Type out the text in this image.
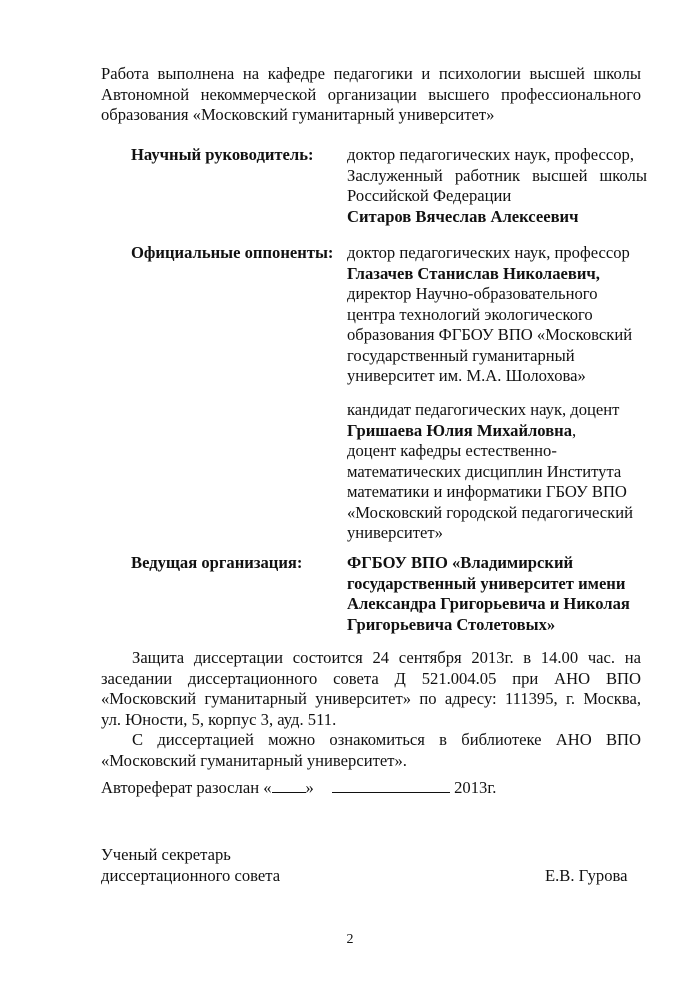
Работа выполнена на кафедре педагогики и психологии высшей школы
Автономной некоммерческой организации высшего профессионального
образования «Московский гуманитарный университет»
Научный руководитель: доктор педагогических наук, профессор,
Заслуженный работник высшей школы
Российской Федерации
Ситаров Вячеслав Алексеевич
Официальные оппоненты: доктор педагогических наук, профессор
Глазачев Станислав Николаевич,
директор Научно-образовательного
центра технологий экологического
образования ФГБОУ ВПО «Московский
государственный гуманитарный
университет им. М.А. Шолохова»
кандидат педагогических наук, доцент
Гришаева Юлия Михайловна,
доцент кафедры естественно-
математических дисциплин Института
математики и информатики ГБОУ ВПО
«Московский городской педагогический
университет»
Ведущая организация:	ФГБОУ ВПО «Владимирский
государственный университет имени
Александра Григорьевича и Николая
Григорьевича Столетовых»
Защита диссертации состоится 24 сентября 2013г. в 14.00 час. на
заседании диссертационного совета Д 521.004.05 при АНО ВПО
«Московский гуманитарный университет» по адресу: 111395, г. Москва,
ул. Юности, 5, корпус 3, ауд. 511.
С диссертацией можно ознакомиться в библиотеке АНО ВПО
«Московский гуманитарный университет».
Автореферат разослан « »	2013г.
Ученый секретарь
диссертационного совета	Е.В. Гурова
2
